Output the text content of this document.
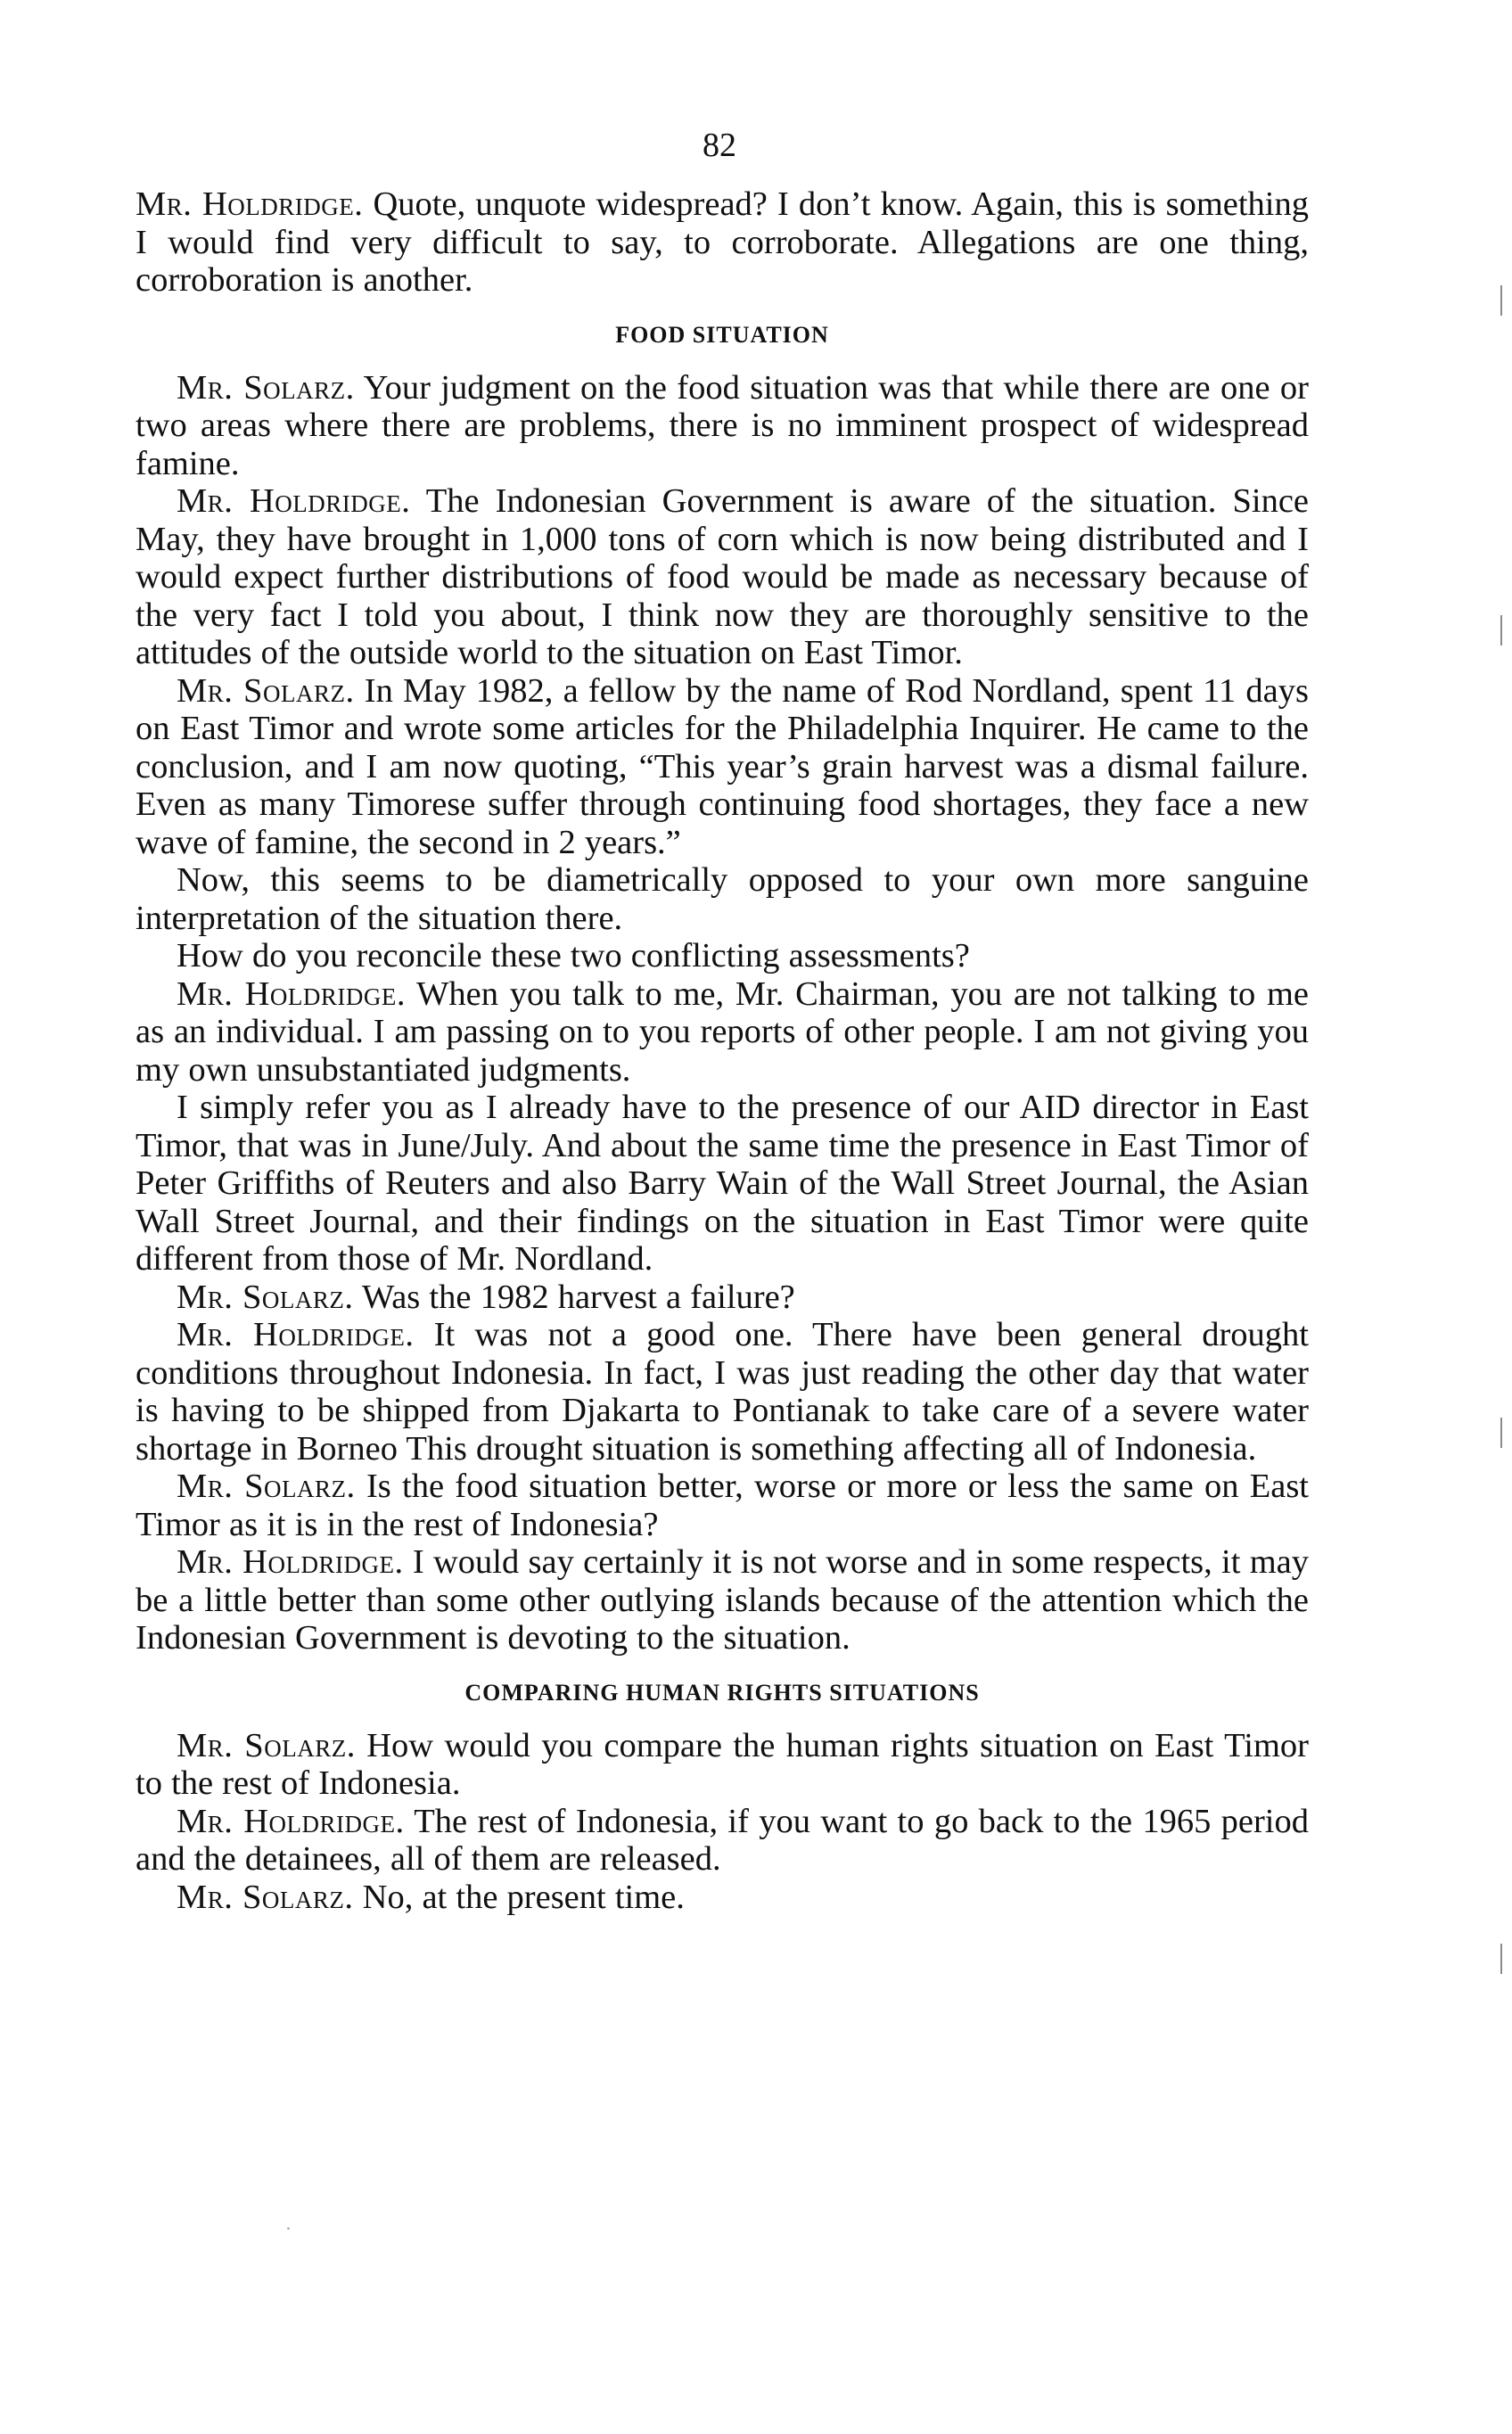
82

Mr. Holdridge. Quote, unquote widespread? I don’t know. Again, this is something I would find very difficult to say, to corroborate. Allegations are one thing, corroboration is another.

FOOD SITUATION

Mr. Solarz. Your judgment on the food situation was that while there are one or two areas where there are problems, there is no imminent prospect of widespread famine.

Mr. Holdridge. The Indonesian Government is aware of the situation. Since May, they have brought in 1,000 tons of corn which is now being distributed and I would expect further distributions of food would be made as necessary because of the very fact I told you about, I think now they are thoroughly sensitive to the attitudes of the outside world to the situation on East Timor.

Mr. Solarz. In May 1982, a fellow by the name of Rod Nordland, spent 11 days on East Timor and wrote some articles for the Philadelphia Inquirer. He came to the conclusion, and I am now quoting, “This year’s grain harvest was a dismal failure. Even as many Timorese suffer through continuing food shortages, they face a new wave of famine, the second in 2 years.”

Now, this seems to be diametrically opposed to your own more sanguine interpretation of the situation there.

How do you reconcile these two conflicting assessments?

Mr. Holdridge. When you talk to me, Mr. Chairman, you are not talking to me as an individual. I am passing on to you reports of other people. I am not giving you my own unsubstantiated judgments.

I simply refer you as I already have to the presence of our AID director in East Timor, that was in June/July. And about the same time the presence in East Timor of Peter Griffiths of Reuters and also Barry Wain of the Wall Street Journal, the Asian Wall Street Journal, and their findings on the situation in East Timor were quite different from those of Mr. Nordland.

Mr. Solarz. Was the 1982 harvest a failure?

Mr. Holdridge. It was not a good one. There have been general drought conditions throughout Indonesia. In fact, I was just reading the other day that water is having to be shipped from Djakarta to Pontianak to take care of a severe water shortage in Borneo This drought situation is something affecting all of Indonesia.

Mr. Solarz. Is the food situation better, worse or more or less the same on East Timor as it is in the rest of Indonesia?

Mr. Holdridge. I would say certainly it is not worse and in some respects, it may be a little better than some other outlying islands because of the attention which the Indonesian Government is devoting to the situation.

COMPARING HUMAN RIGHTS SITUATIONS

Mr. Solarz. How would you compare the human rights situation on East Timor to the rest of Indonesia.

Mr. Holdridge. The rest of Indonesia, if you want to go back to the 1965 period and the detainees, all of them are released.

Mr. Solarz. No, at the present time.
